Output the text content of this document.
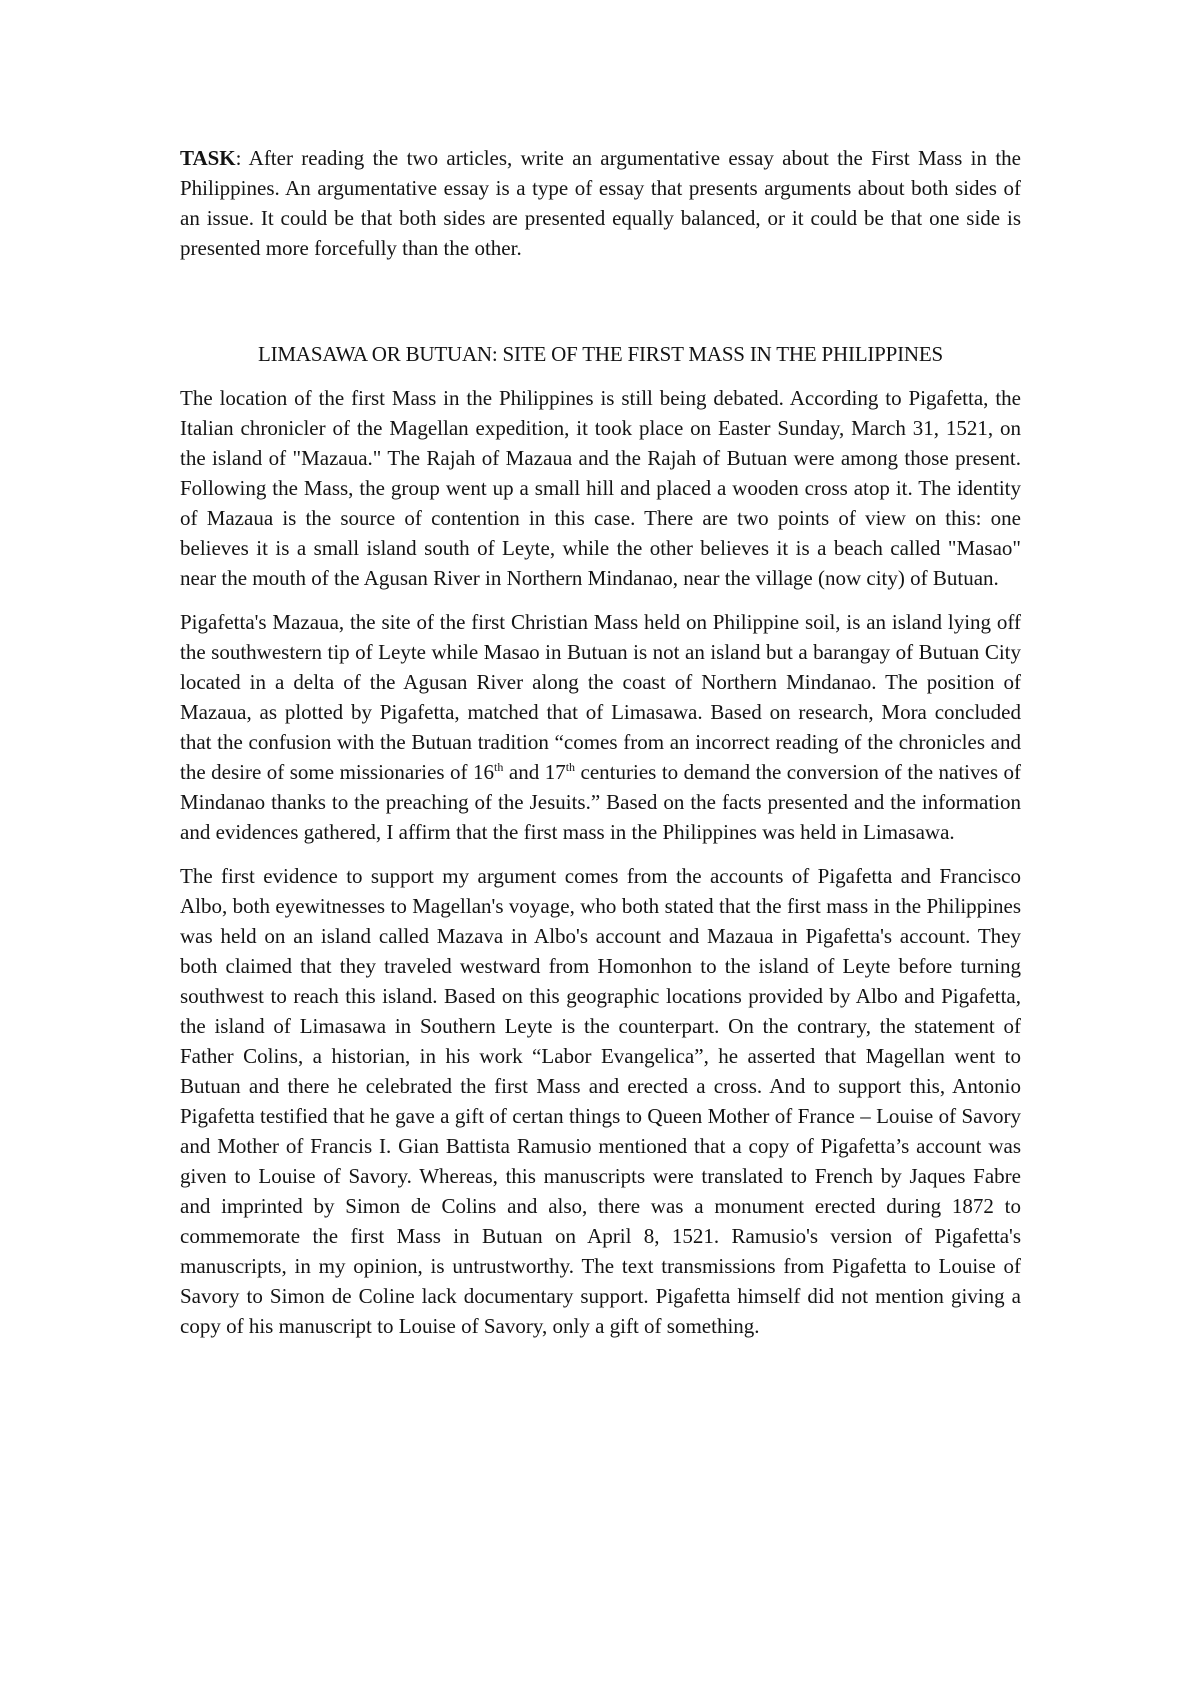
TASK: After reading the two articles, write an argumentative essay about the First Mass in the Philippines. An argumentative essay is a type of essay that presents arguments about both sides of an issue. It could be that both sides are presented equally balanced, or it could be that one side is presented more forcefully than the other.

LIMASAWA OR BUTUAN: SITE OF THE FIRST MASS IN THE PHILIPPINES

The location of the first Mass in the Philippines is still being debated. According to Pigafetta, the Italian chronicler of the Magellan expedition, it took place on Easter Sunday, March 31, 1521, on the island of "Mazaua." The Rajah of Mazaua and the Rajah of Butuan were among those present. Following the Mass, the group went up a small hill and placed a wooden cross atop it. The identity of Mazaua is the source of contention in this case. There are two points of view on this: one believes it is a small island south of Leyte, while the other believes it is a beach called "Masao" near the mouth of the Agusan River in Northern Mindanao, near the village (now city) of Butuan.

Pigafetta's Mazaua, the site of the first Christian Mass held on Philippine soil, is an island lying off the southwestern tip of Leyte while Masao in Butuan is not an island but a barangay of Butuan City located in a delta of the Agusan River along the coast of Northern Mindanao. The position of Mazaua, as plotted by Pigafetta, matched that of Limasawa. Based on research, Mora concluded that the confusion with the Butuan tradition “comes from an incorrect reading of the chronicles and the desire of some missionaries of 16th and 17th centuries to demand the conversion of the natives of Mindanao thanks to the preaching of the Jesuits.” Based on the facts presented and the information and evidences gathered, I affirm that the first mass in the Philippines was held in Limasawa.

The first evidence to support my argument comes from the accounts of Pigafetta and Francisco Albo, both eyewitnesses to Magellan's voyage, who both stated that the first mass in the Philippines was held on an island called Mazava in Albo's account and Mazaua in Pigafetta's account. They both claimed that they traveled westward from Homonhon to the island of Leyte before turning southwest to reach this island. Based on this geographic locations provided by Albo and Pigafetta, the island of Limasawa in Southern Leyte is the counterpart. On the contrary, the statement of Father Colins, a historian, in his work “Labor Evangelica”, he asserted that Magellan went to Butuan and there he celebrated the first Mass and erected a cross. And to support this, Antonio Pigafetta testified that he gave a gift of certan things to Queen Mother of France – Louise of Savory and Mother of Francis I. Gian Battista Ramusio mentioned that a copy of Pigafetta’s account was given to Louise of Savory. Whereas, this manuscripts were translated to French by Jaques Fabre and imprinted by Simon de Colins and also, there was a monument erected during 1872 to commemorate the first Mass in Butuan on April 8, 1521. Ramusio's version of Pigafetta's manuscripts, in my opinion, is untrustworthy. The text transmissions from Pigafetta to Louise of Savory to Simon de Coline lack documentary support. Pigafetta himself did not mention giving a copy of his manuscript to Louise of Savory, only a gift of something.
